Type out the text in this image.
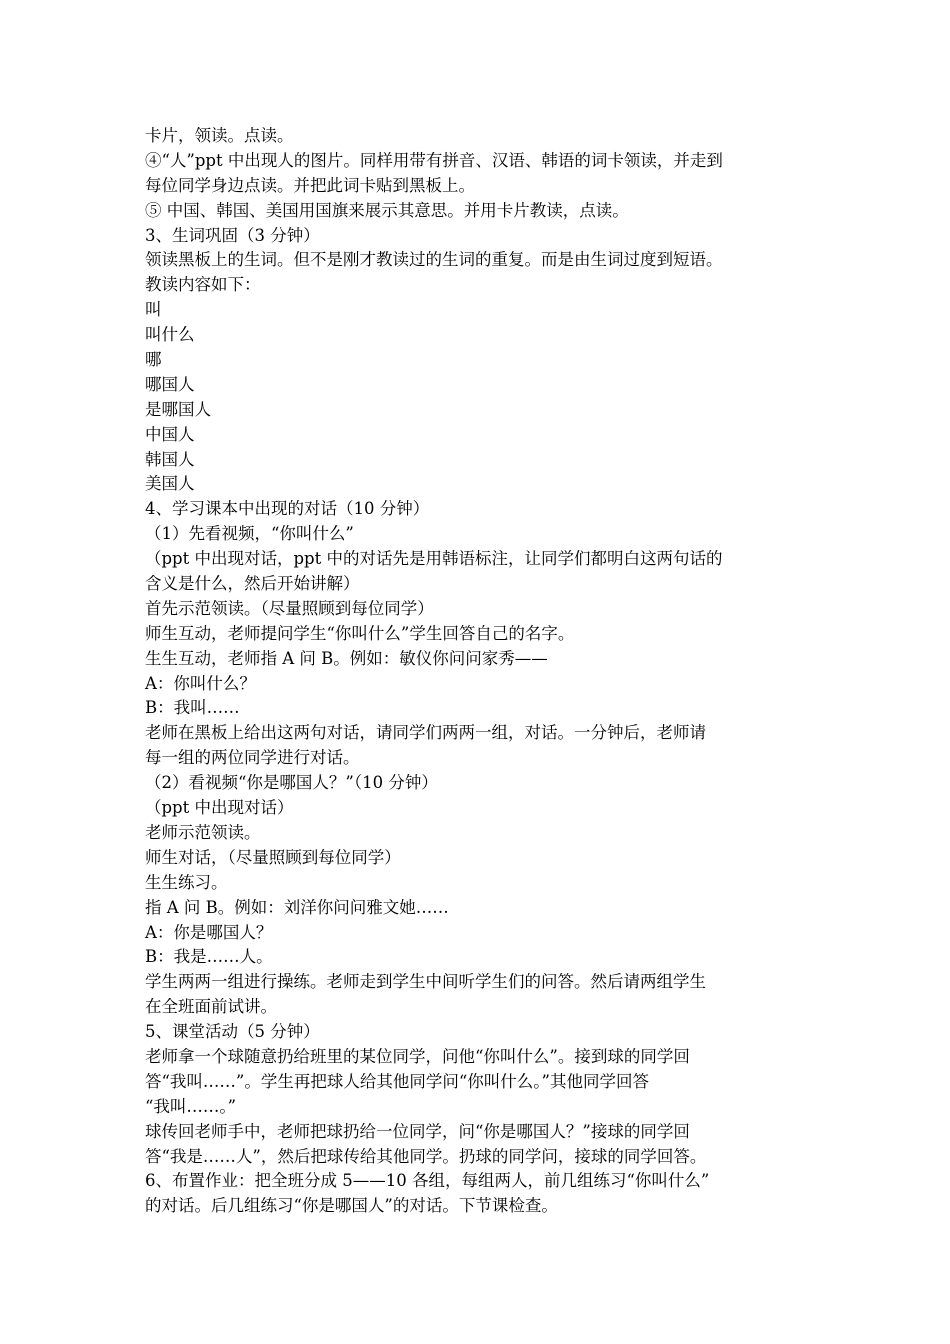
卡片，领读。点读。
④“人”ppt 中出现人的图片。同样用带有拼音、汉语、韩语的词卡领读，并走到
每位同学身边点读。并把此词卡贴到黑板上。
⑤ 中国、韩国、美国用国旗来展示其意思。并用卡片教读，点读。
3、生词巩固（3 分钟）
领读黑板上的生词。但不是刚才教读过的生词的重复。而是由生词过度到短语。
教读内容如下：
叫
叫什么
哪
哪国人
是哪国人
中国人
韩国人
美国人
4、学习课本中出现的对话（10 分钟）
（1）先看视频，“你叫什么”
（ppt 中出现对话，ppt 中的对话先是用韩语标注，让同学们都明白这两句话的
含义是什么，然后开始讲解）
首先示范领读。（尽量照顾到每位同学）
师生互动，老师提问学生“你叫什么”学生回答自己的名字。
生生互动，老师指 A 问 B。例如：敏仪你问问家秀——
A：你叫什么？
B：我叫……
老师在黑板上给出这两句对话，请同学们两两一组，对话。一分钟后，老师请
每一组的两位同学进行对话。
（2）看视频“你是哪国人？”（10 分钟）
（ppt 中出现对话）
老师示范领读。
师生对话，（尽量照顾到每位同学）
生生练习。
指 A 问 B。例如：刘洋你问问雅文她……
A：你是哪国人？
B：我是……人。
学生两两一组进行操练。老师走到学生中间听学生们的问答。然后请两组学生
在全班面前试讲。
5、课堂活动（5 分钟）
老师拿一个球随意扔给班里的某位同学，问他“你叫什么”。接到球的同学回
答“我叫……”。学生再把球人给其他同学问“你叫什么。”其他同学回答
“我叫……。”
球传回老师手中，老师把球扔给一位同学，问“你是哪国人？”接球的同学回
答“我是……人”，然后把球传给其他同学。扔球的同学问，接球的同学回答。
6、布置作业：把全班分成 5——10 各组，每组两人，前几组练习“你叫什么”
的对话。后几组练习“你是哪国人”的对话。下节课检查。
